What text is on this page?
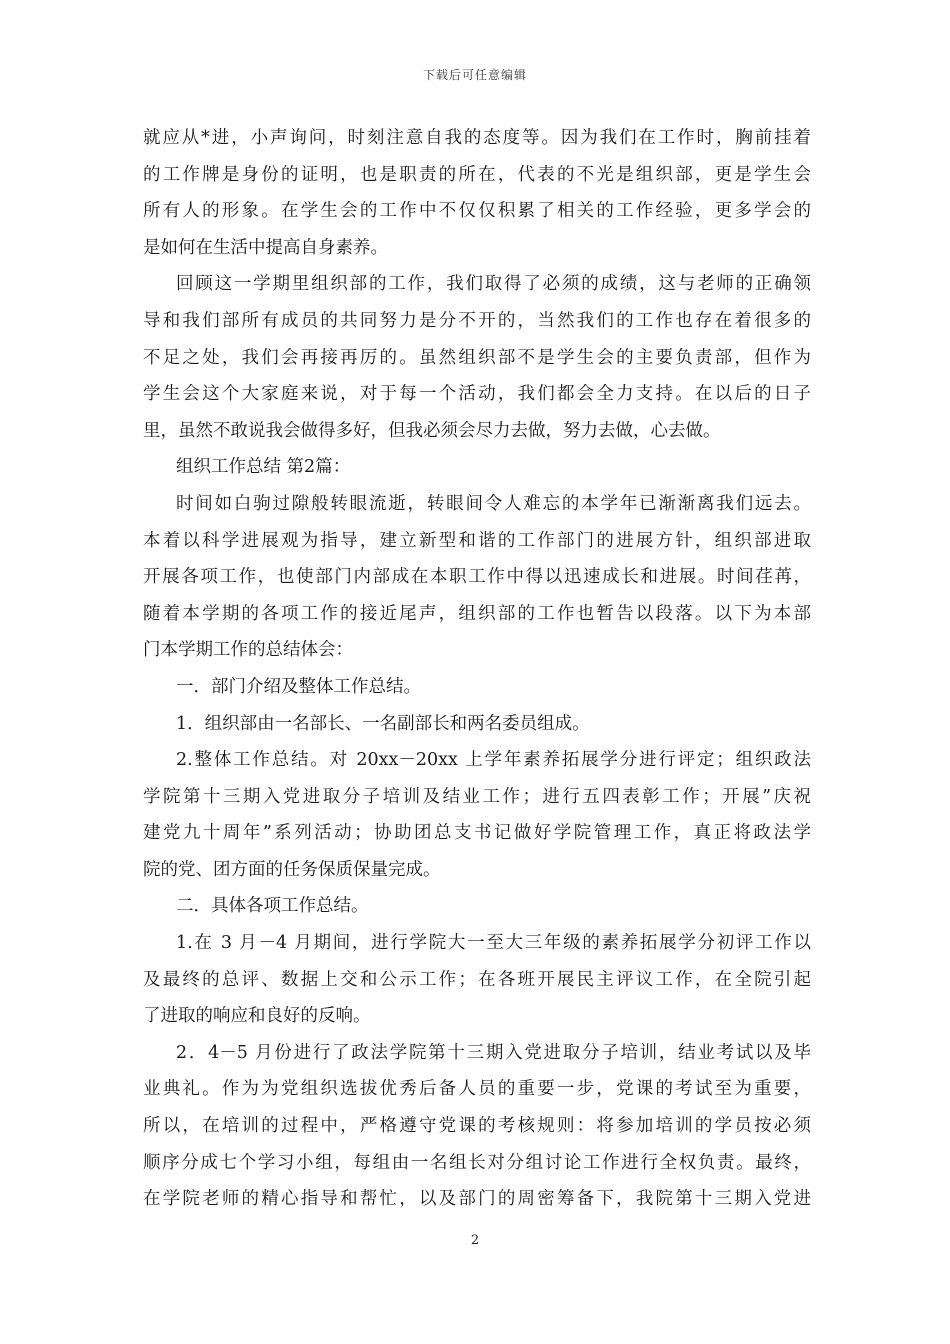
下载后可任意编辑
就应从*进，小声询问，时刻注意自我的态度等。因为我们在工作时，胸前挂着
的工作牌是身份的证明，也是职责的所在，代表的不光是组织部，更是学生会
所有人的形象。在学生会的工作中不仅仅积累了相关的工作经验，更多学会的
是如何在生活中提高自身素养。
回顾这一学期里组织部的工作，我们取得了必须的成绩，这与老师的正确领
导和我们部所有成员的共同努力是分不开的，当然我们的工作也存在着很多的
不足之处，我们会再接再厉的。虽然组织部不是学生会的主要负责部，但作为
学生会这个大家庭来说，对于每一个活动，我们都会全力支持。在以后的日子
里，虽然不敢说我会做得多好，但我必须会尽力去做，努力去做，心去做。
组织工作总结 第2篇：
时间如白驹过隙般转眼流逝，转眼间令人难忘的本学年已渐渐离我们远去。
本着以科学进展观为指导，建立新型和谐的工作部门的进展方针，组织部进取
开展各项工作，也使部门内部成在本职工作中得以迅速成长和进展。时间荏苒，
随着本学期的各项工作的接近尾声，组织部的工作也暂告以段落。以下为本部
门本学期工作的总结体会：
一．部门介绍及整体工作总结。
1．组织部由一名部长、一名副部长和两名委员组成。
2.整体工作总结。对 20xx－20xx 上学年素养拓展学分进行评定；组织政法
学院第十三期入党进取分子培训及结业工作；进行五四表彰工作；开展”庆祝
建党九十周年”系列活动；协助团总支书记做好学院管理工作，真正将政法学
院的党、团方面的任务保质保量完成。
二．具体各项工作总结。
1.在 3 月－4 月期间，进行学院大一至大三年级的素养拓展学分初评工作以
及最终的总评、数据上交和公示工作；在各班开展民主评议工作，在全院引起
了进取的响应和良好的反响。
2．4－5 月份进行了政法学院第十三期入党进取分子培训，结业考试以及毕
业典礼。作为为党组织选拔优秀后备人员的重要一步，党课的考试至为重要，
所以，在培训的过程中，严格遵守党课的考核规则：将参加培训的学员按必须
顺序分成七个学习小组，每组由一名组长对分组讨论工作进行全权负责。最终，
在学院老师的精心指导和帮忙，以及部门的周密筹备下，我院第十三期入党进
2
